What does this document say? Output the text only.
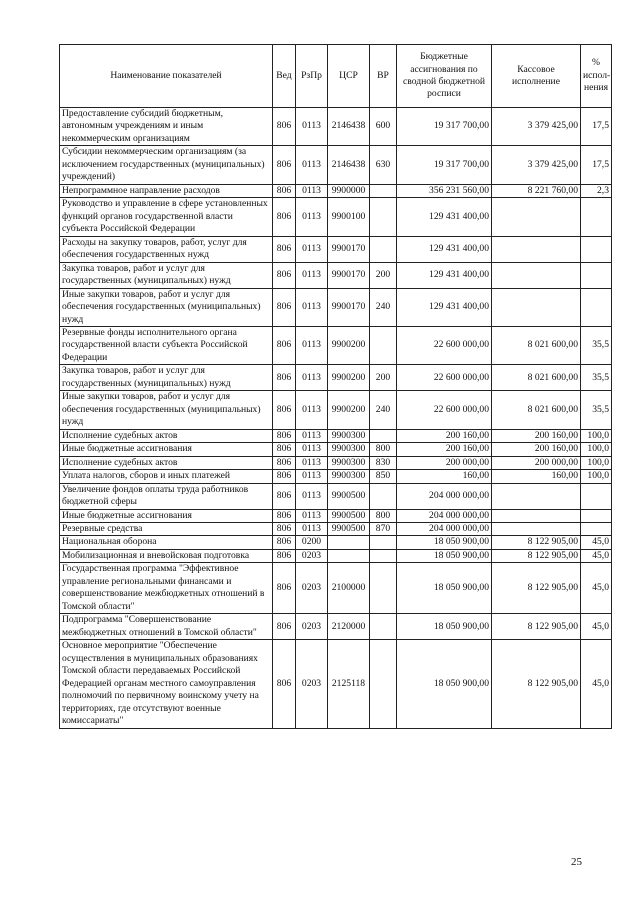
Наименование показателей	Вед	РзПр	ЦСР	ВР	Бюджетные ассигнования по сводной бюджетной росписи	Кассовое исполнение	% испол-нения
Предоставление субсидий бюджетным, автономным учреждениям и иным некоммерческим организациям	806	0113	2146438	600	19 317 700,00	3 379 425,00	17,5
Субсидии некоммерческим организациям (за исключением государственных (муниципальных) учреждений)	806	0113	2146438	630	19 317 700,00	3 379 425,00	17,5
Непрограммное направление расходов	806	0113	9900000		356 231 560,00	8 221 760,00	2,3
Руководство и управление в сфере установленных функций органов государственной власти субъекта Российской Федерации	806	0113	9900100		129 431 400,00		
Расходы на закупку товаров, работ, услуг для обеспечения государственных нужд	806	0113	9900170		129 431 400,00		
Закупка товаров, работ и услуг для государственных (муниципальных) нужд	806	0113	9900170	200	129 431 400,00		
Иные закупки товаров, работ и услуг для обеспечения государственных (муниципальных) нужд	806	0113	9900170	240	129 431 400,00		
Резервные фонды исполнительного органа государственной власти субъекта Российской Федерации	806	0113	9900200		22 600 000,00	8 021 600,00	35,5
Закупка товаров, работ и услуг для государственных (муниципальных) нужд	806	0113	9900200	200	22 600 000,00	8 021 600,00	35,5
Иные закупки товаров, работ и услуг для обеспечения государственных (муниципальных) нужд	806	0113	9900200	240	22 600 000,00	8 021 600,00	35,5
Исполнение судебных актов	806	0113	9900300		200 160,00	200 160,00	100,0
Иные бюджетные ассигнования	806	0113	9900300	800	200 160,00	200 160,00	100,0
Исполнение судебных актов	806	0113	9900300	830	200 000,00	200 000,00	100,0
Уплата налогов, сборов и иных платежей	806	0113	9900300	850	160,00	160,00	100,0
Увеличение фондов оплаты труда работников бюджетной сферы	806	0113	9900500		204 000 000,00		
Иные бюджетные ассигнования	806	0113	9900500	800	204 000 000,00		
Резервные средства	806	0113	9900500	870	204 000 000,00		
Национальная оборона	806	0200			18 050 900,00	8 122 905,00	45,0
Мобилизационная и вневойсковая подготовка	806	0203			18 050 900,00	8 122 905,00	45,0
Государственная программа "Эффективное управление региональными финансами и совершенствование межбюджетных отношений в Томской области"	806	0203	2100000		18 050 900,00	8 122 905,00	45,0
Подпрограмма "Совершенствование межбюджетных отношений в Томской области"	806	0203	2120000		18 050 900,00	8 122 905,00	45,0
Основное мероприятие "Обеспечение осуществления в муниципальных образованиях Томской области передаваемых Российской Федерацией органам местного самоуправления полномочий по первичному воинскому учету на территориях, где отсутствуют военные комиссариаты"	806	0203	2125118		18 050 900,00	8 122 905,00	45,0
25
